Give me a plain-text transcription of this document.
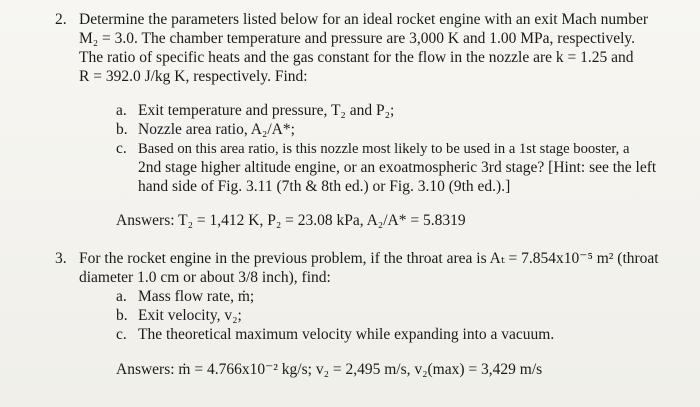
2. Determine the parameters listed below for an ideal rocket engine with an exit Mach number
M₂ = 3.0. The chamber temperature and pressure are 3,000 K and 1.00 MPa, respectively.
The ratio of specific heats and the gas constant for the flow in the nozzle are k = 1.25 and
R = 392.0 J/kg K, respectively. Find:
a. Exit temperature and pressure, T₂ and P₂;
b. Nozzle area ratio, A₂/A*;
c. Based on this area ratio, is this nozzle most likely to be used in a 1st stage booster, a
2nd stage higher altitude engine, or an exoatmospheric 3rd stage? [Hint: see the left
hand side of Fig. 3.11 (7th & 8th ed.) or Fig. 3.10 (9th ed.).]
Answers: T₂ = 1,412 K, P₂ = 23.08 kPa, A₂/A* = 5.8319
3. For the rocket engine in the previous problem, if the throat area is Aₜ = 7.854x10⁻⁵ m² (throat
diameter 1.0 cm or about 3/8 inch), find:
a. Mass flow rate, ṁ;
b. Exit velocity, v₂;
c. The theoretical maximum velocity while expanding into a vacuum.
Answers: ṁ = 4.766x10⁻² kg/s; v₂ = 2,495 m/s, v₂(max) = 3,429 m/s
